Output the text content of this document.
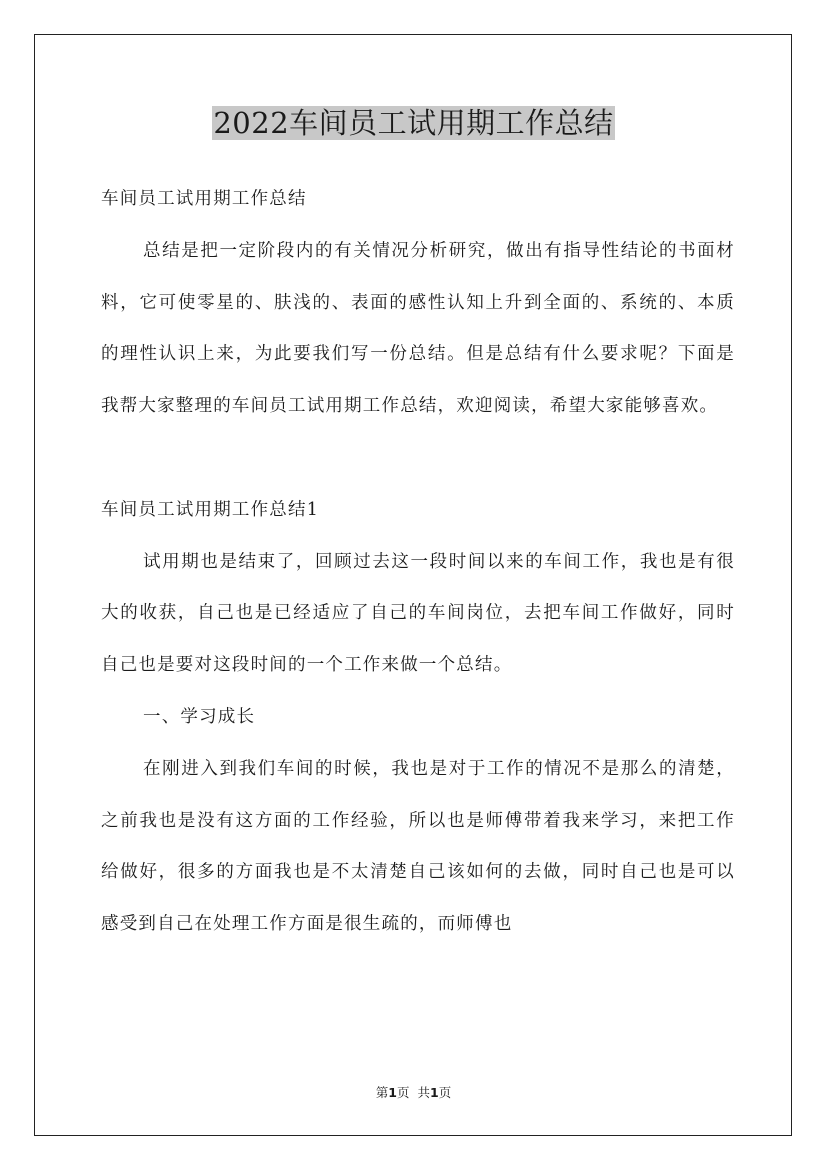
2022车间员工试用期工作总结

车间员工试用期工作总结

总结是把一定阶段内的有关情况分析研究，做出有指导性结论的书面材料，它可使零星的、肤浅的、表面的感性认知上升到全面的、系统的、本质的理性认识上来，为此要我们写一份总结。但是总结有什么要求呢？下面是我帮大家整理的车间员工试用期工作总结，欢迎阅读，希望大家能够喜欢。

车间员工试用期工作总结1

试用期也是结束了，回顾过去这一段时间以来的车间工作，我也是有很大的收获，自己也是已经适应了自己的车间岗位，去把车间工作做好，同时自己也是要对这段时间的一个工作来做一个总结。

一、学习成长

在刚进入到我们车间的时候，我也是对于工作的情况不是那么的清楚，之前我也是没有这方面的工作经验，所以也是师傅带着我来学习，来把工作给做好，很多的方面我也是不太清楚自己该如何的去做，同时自己也是可以感受到自己在处理工作方面是很生疏的，而师傅也

第1页 共1页
